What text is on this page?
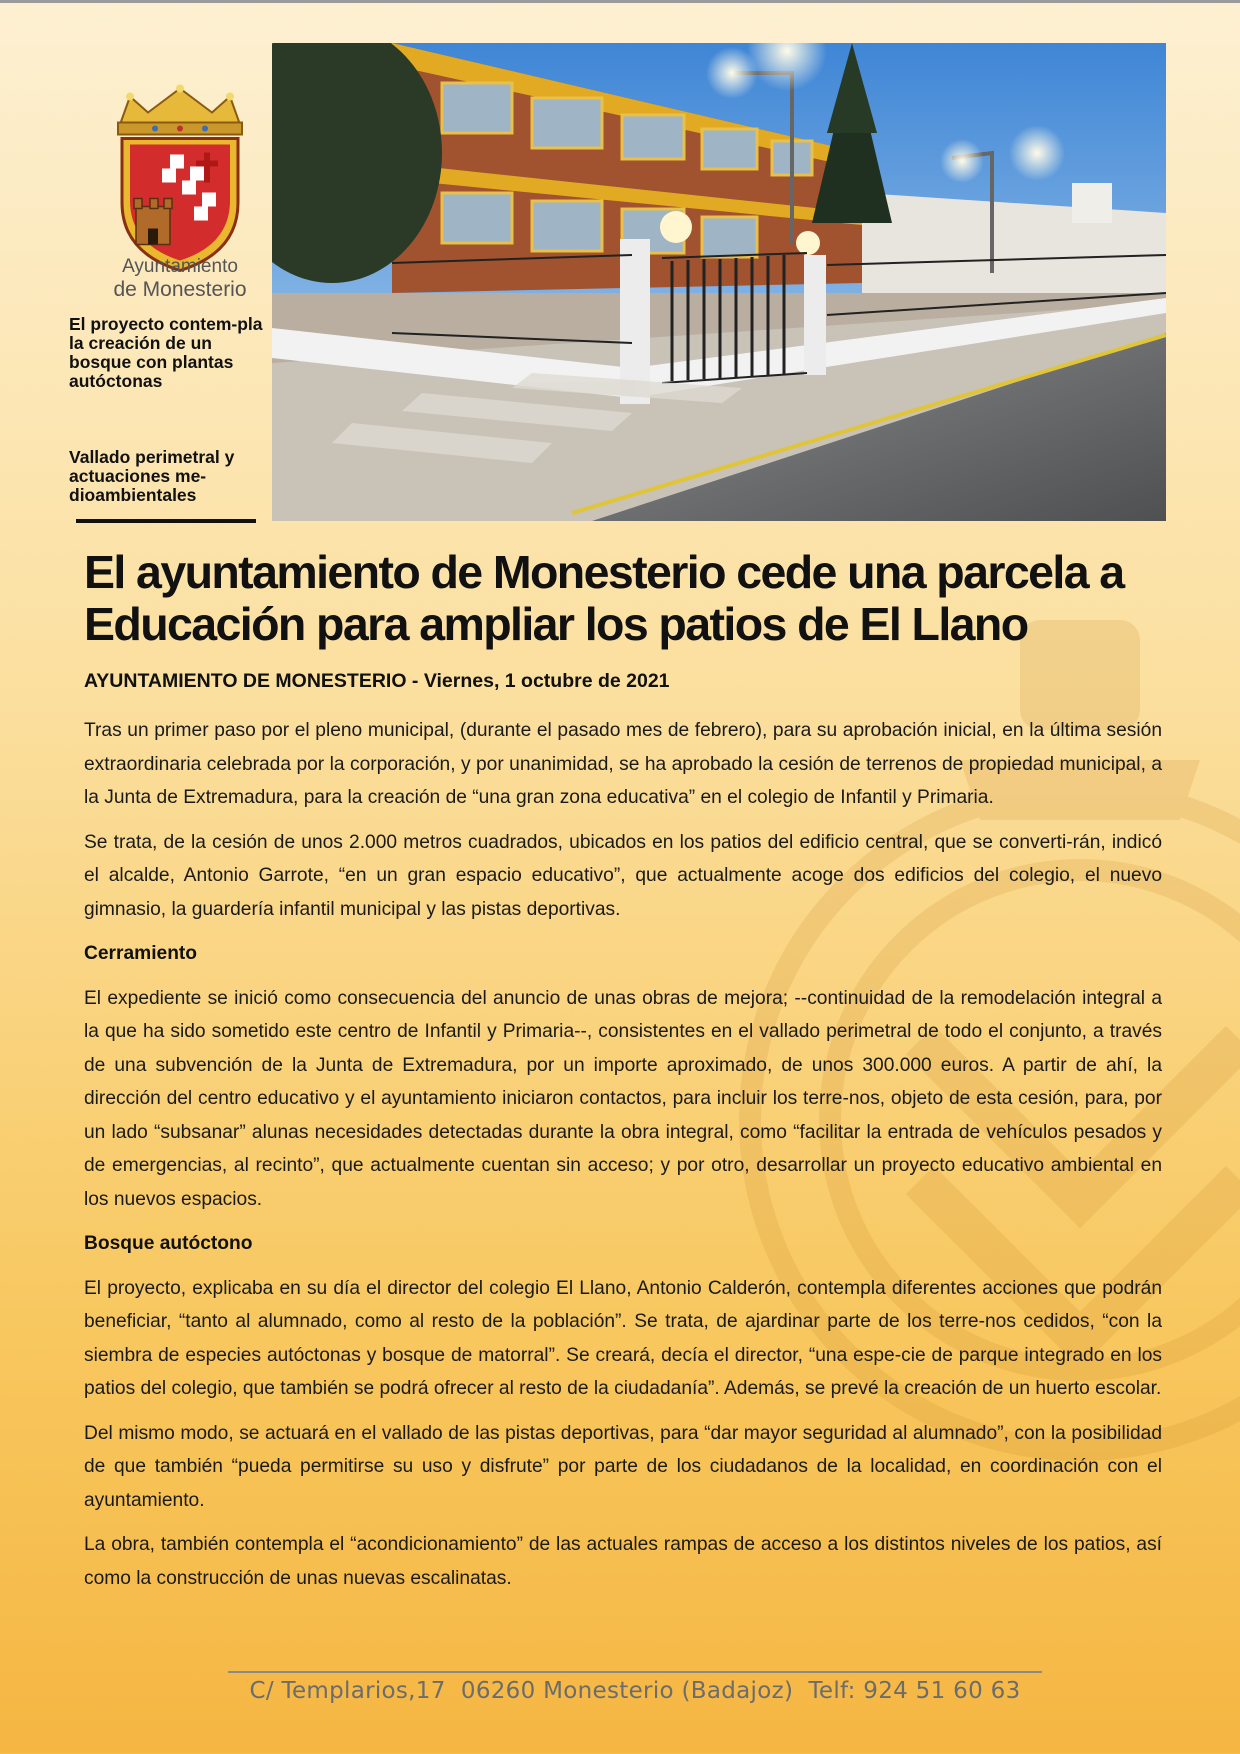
Ayuntamiento
de Monesterio
El proyecto contem-pla la creación de un bosque con plantas autóctonas
Vallado perimetral y actuaciones me-dioambientales
El ayuntamiento de Monesterio cede una parcela a Educación para ampliar los patios de El Llano
AYUNTAMIENTO DE MONESTERIO - Viernes, 1 octubre de 2021

Tras un primer paso por el pleno municipal, (durante el pasado mes de febrero), para su aprobación inicial, en la última sesión extraordinaria celebrada por la corporación, y por unanimidad, se ha aprobado la cesión de terrenos de propiedad municipal, a la Junta de Extremadura, para la creación de “una gran zona educativa” en el colegio de Infantil y Primaria.

Se trata, de la cesión de unos 2.000 metros cuadrados, ubicados en los patios del edificio central, que se converti-rán, indicó el alcalde, Antonio Garrote, “en un gran espacio educativo”, que actualmente acoge dos edificios del colegio, el nuevo gimnasio, la guardería infantil municipal y las pistas deportivas.

Cerramiento

El expediente se inició como consecuencia del anuncio de unas obras de mejora; --continuidad de la remodelación integral a la que ha sido sometido este centro de Infantil y Primaria--, consistentes en el vallado perimetral de todo el conjunto, a través de una subvención de la Junta de Extremadura, por un importe aproximado, de unos 300.000 euros. A partir de ahí, la dirección del centro educativo y el ayuntamiento iniciaron contactos, para incluir los terre-nos, objeto de esta cesión, para, por un lado “subsanar” alunas necesidades detectadas durante la obra integral, como “facilitar la entrada de vehículos pesados y de emergencias, al recinto”, que actualmente cuentan sin acceso; y por otro, desarrollar un proyecto educativo ambiental en los nuevos espacios.

Bosque autóctono

El proyecto, explicaba en su día el director del colegio El Llano, Antonio Calderón, contempla diferentes acciones que podrán beneficiar, “tanto al alumnado, como al resto de la población”. Se trata, de ajardinar parte de los terre-nos cedidos, “con la siembra de especies autóctonas y bosque de matorral”. Se creará, decía el director, “una espe-cie de parque integrado en los patios del colegio, que también se podrá ofrecer al resto de la ciudadanía”. Además, se prevé la creación de un huerto escolar.

Del mismo modo, se actuará en el vallado de las pistas deportivas, para “dar mayor seguridad al alumnado”, con la posibilidad de que también “pueda permitirse su uso y disfrute” por parte de los ciudadanos de la localidad, en coordinación con el ayuntamiento.

La obra, también contempla el “acondicionamiento” de las actuales rampas de acceso a los distintos niveles de los patios, así como la construcción de unas nuevas escalinatas.

C/ Templarios,17  06260 Monesterio (Badajoz)  Telf: 924 51 60 63
